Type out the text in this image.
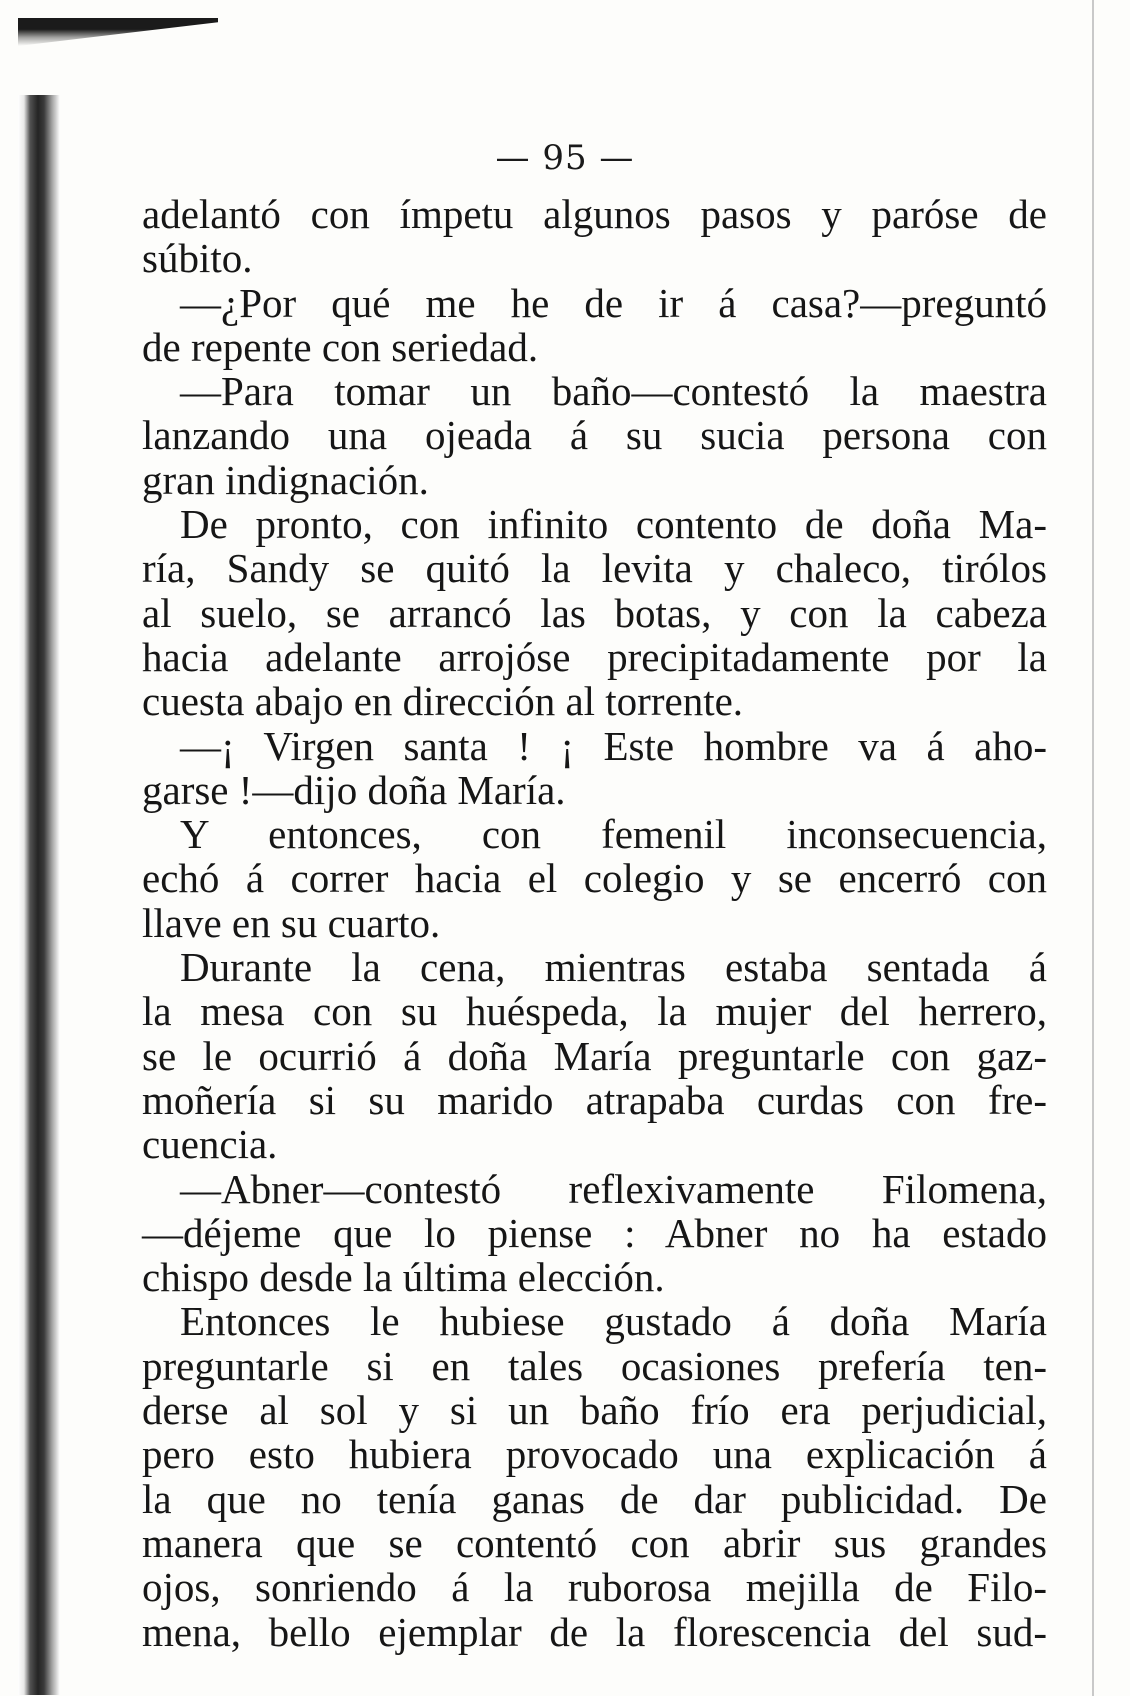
— 95 —
adelantó con ímpetu algunos pasos y paróse de
súbito.
—¿Por qué me he de ir á casa?—preguntó
de repente con seriedad.
—Para tomar un baño—contestó la maestra
lanzando una ojeada á su sucia persona con
gran indignación.
De pronto, con infinito contento de doña Ma-
ría, Sandy se quitó la levita y chaleco, tirólos
al suelo, se arrancó las botas, y con la cabeza
hacia adelante arrojóse precipitadamente por la
cuesta abajo en dirección al torrente.
—¡ Virgen santa ! ¡ Este hombre va á aho-
garse !—dijo doña María.
Y entonces, con femenil inconsecuencia,
echó á correr hacia el colegio y se encerró con
llave en su cuarto.
Durante la cena, mientras estaba sentada á
la mesa con su huéspeda, la mujer del herrero,
se le ocurrió á doña María preguntarle con gaz-
moñería si su marido atrapaba curdas con fre-
cuencia.
—Abner—contestó reflexivamente Filomena,
—déjeme que lo piense : Abner no ha estado
chispo desde la última elección.
Entonces le hubiese gustado á doña María
preguntarle si en tales ocasiones prefería ten-
derse al sol y si un baño frío era perjudicial,
pero esto hubiera provocado una explicación á
la que no tenía ganas de dar publicidad. De
manera que se contentó con abrir sus grandes
ojos, sonriendo á la ruborosa mejilla de Filo-
mena, bello ejemplar de la florescencia del sud-
